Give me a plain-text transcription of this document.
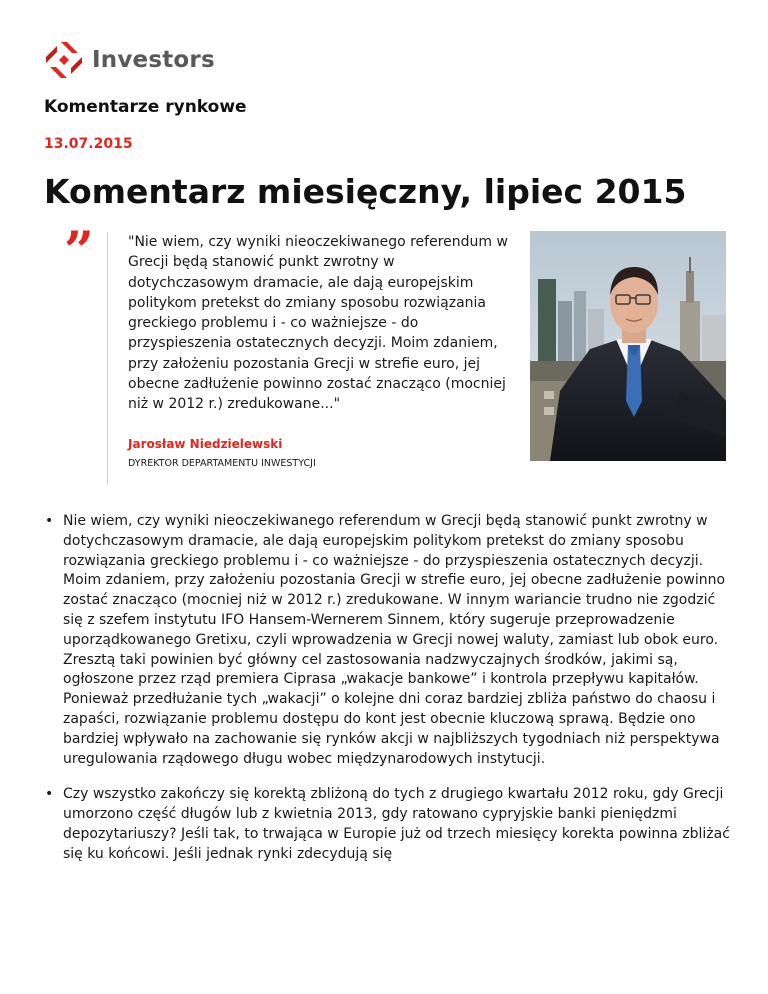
Investors
Komentarze rynkowe
13.07.2015
Komentarz miesięczny, lipiec 2015
” "Nie wiem, czy wyniki nieoczekiwanego referendum w Grecji będą stanowić punkt zwrotny w dotychczasowym dramacie, ale dają europejskim politykom pretekst do zmiany sposobu rozwiązania greckiego problemu i - co ważniejsze - do przyspieszenia ostatecznych decyzji. Moim zdaniem, przy założeniu pozostania Grecji w strefie euro, jej obecne zadłużenie powinno zostać znacząco (mocniej niż w 2012 r.) zredukowane..."

Jarosław Niedzielewski
DYREKTOR DEPARTAMENTU INWESTYCJI
• Nie wiem, czy wyniki nieoczekiwanego referendum w Grecji będą stanowić punkt zwrotny w dotychczasowym dramacie, ale dają europejskim politykom pretekst do zmiany sposobu rozwiązania greckiego problemu i - co ważniejsze - do przyspieszenia ostatecznych decyzji. Moim zdaniem, przy założeniu pozostania Grecji w strefie euro, jej obecne zadłużenie powinno zostać znacząco (mocniej niż w 2012 r.) zredukowane. W innym wariancie trudno nie zgodzić się z szefem instytutu IFO Hansem-Wernerem Sinnem, który sugeruje przeprowadzenie uporządkowanego Gretixu, czyli wprowadzenia w Grecji nowej waluty, zamiast lub obok euro. Zresztą taki powinien być główny cel zastosowania nadzwyczajnych środków, jakimi są, ogłoszone przez rząd premiera Ciprasa „wakacje bankowe” i kontrola przepływu kapitałów. Ponieważ przedłużanie tych „wakacji” o kolejne dni coraz bardziej zbliża państwo do chaosu i zapaści, rozwiązanie problemu dostępu do kont jest obecnie kluczową sprawą. Będzie ono bardziej wpływało na zachowanie się rynków akcji w najbliższych tygodniach niż perspektywa uregulowania rządowego długu wobec międzynarodowych instytucji.
• Czy wszystko zakończy się korektą zbliżoną do tych z drugiego kwartału 2012 roku, gdy Grecji umorzono część długów lub z kwietnia 2013, gdy ratowano cypryjskie banki pieniędzmi depozytariuszy? Jeśli tak, to trwająca w Europie już od trzech miesięcy korekta powinna zbliżać się ku końcowi. Jeśli jednak rynki zdecydują się
